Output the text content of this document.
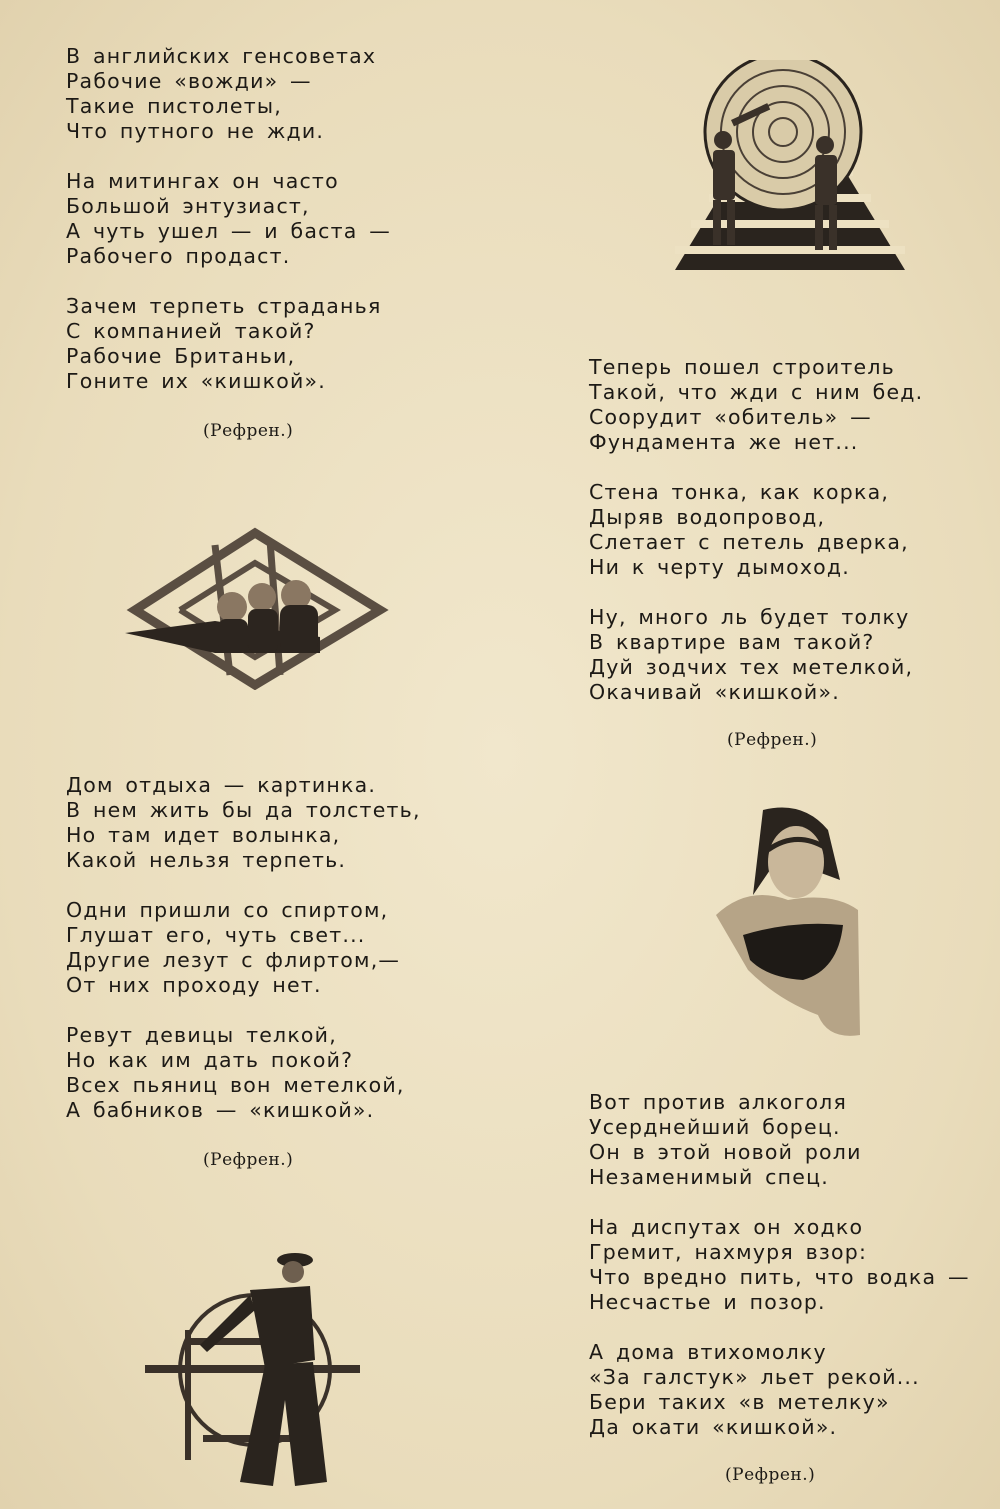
В английских генсоветах
Рабочие «вожди» —
Такие пистолеты,
Что путного не жди.
На митингах он часто
Большой энтузиаст,
А чуть ушел — и баста —
Рабочего продаст.
Зачем терпеть страданья
С компанией такой?
Рабочие Британьи,
Гоните их «кишкой».
(Рефрен.)
Теперь пошел строитель
Такой, что жди с ним бед.
Соорудит «обитель» —
Фундамента же нет...
Стена тонка, как корка,
Дыряв водопровод,
Слетает с петель дверка,
Ни к черту дымоход.
Ну, много ль будет толку
В квартире вам такой?
Дуй зодчих тех метелкой,
Окачивай «кишкой».
(Рефрен.)
Дом отдыха — картинка.
В нем жить бы да толстеть,
Но там идет волынка,
Какой нельзя терпеть.
Одни пришли со спиртом,
Глушат его, чуть свет...
Другие лезут с флиртом,—
От них проходу нет.
Ревут девицы телкой,
Но как им дать покой?
Всех пьяниц вон метелкой,
А бабников — «кишкой».
(Рефрен.)
Вот против алкоголя
Усерднейший борец.
Он в этой новой роли
Незаменимый спец.
На диспутах он ходко
Гремит, нахмуря взор:
Что вредно пить, что водка —
Несчастье и позор.
А дома втихомолку
«За галстук» льет рекой...
Бери таких «в метелку»
Да окати «кишкой».
(Рефрен.)
